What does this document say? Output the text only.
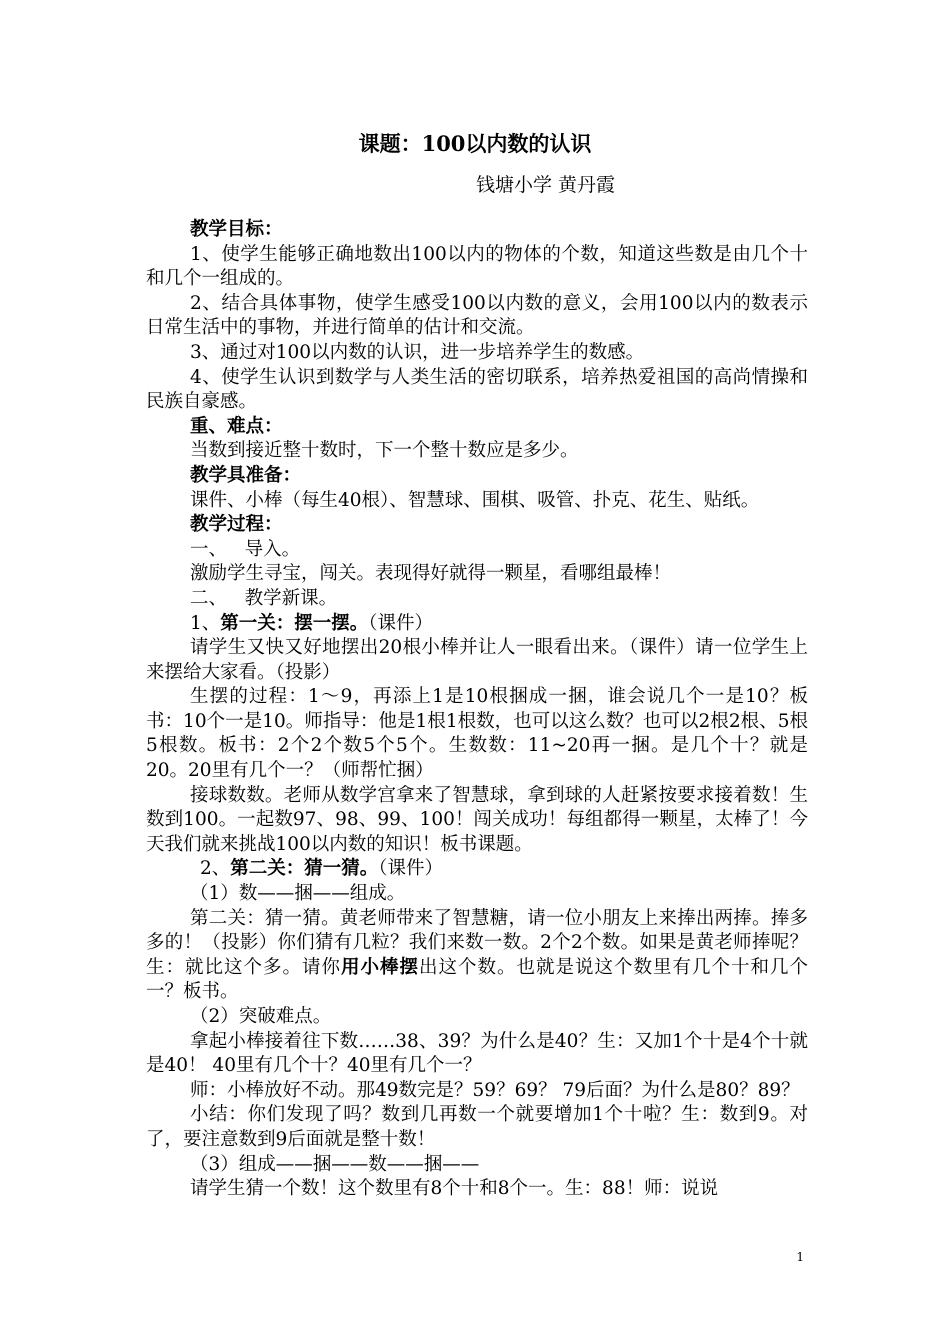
课题：100以内数的认识

钱塘小学 黄丹霞

教学目标：

1、使学生能够正确地数出100以内的物体的个数，知道这些数是由几个十和几个一组成的。

2、结合具体事物，使学生感受100以内数的意义，会用100以内的数表示日常生活中的事物，并进行简单的估计和交流。

3、通过对100以内数的认识，进一步培养学生的数感。

4、使学生认识到数学与人类生活的密切联系，培养热爱祖国的高尚情操和民族自豪感。

重、难点：

当数到接近整十数时，下一个整十数应是多少。

教学具准备：

课件、小棒（每生40根）、智慧球、围棋、吸管、扑克、花生、贴纸。

教学过程：

一、   导入。

激励学生寻宝，闯关。表现得好就得一颗星，看哪组最棒！

二、   教学新课。

1、第一关：摆一摆。（课件）

请学生又快又好地摆出20根小棒并让人一眼看出来。（课件）请一位学生上来摆给大家看。（投影）

生摆的过程：1～9，再添上1是10根捆成一捆，谁会说几个一是10？板书：10个一是10。师指导：他是1根1根数，也可以这么数？也可以2根2根、5根5根数。板书：2个2个数5个5个。生数数：11~20再一捆。是几个十？就是20。20里有几个一？（师帮忙捆）

接球数数。老师从数学宫拿来了智慧球，拿到球的人赶紧按要求接着数！生数到100。一起数97、98、99、100！闯关成功！每组都得一颗星，太棒了！今天我们就来挑战100以内数的知识！板书课题。

2、第二关：猜一猜。（课件）

（1）数——捆——组成。

第二关：猜一猜。黄老师带来了智慧糖，请一位小朋友上来捧出两捧。捧多多的！（投影）你们猜有几粒？我们来数一数。2个2个数。如果是黄老师捧呢？生：就比这个多。请你用小棒摆出这个数。也就是说这个数里有几个十和几个一？板书。

（2）突破难点。

拿起小棒接着往下数……38、39？为什么是40？生：又加1个十是4个十就是40！ 40里有几个十？40里有几个一？

师：小棒放好不动。那49数完是？59？69？ 79后面？为什么是80？89？

小结：你们发现了吗？数到几再数一个就要增加1个十啦？生：数到9。对了，要注意数到9后面就是整十数！

（3）组成——捆——数——捆——

请学生猜一个数！这个数里有8个十和8个一。生：88！师：说说

1
